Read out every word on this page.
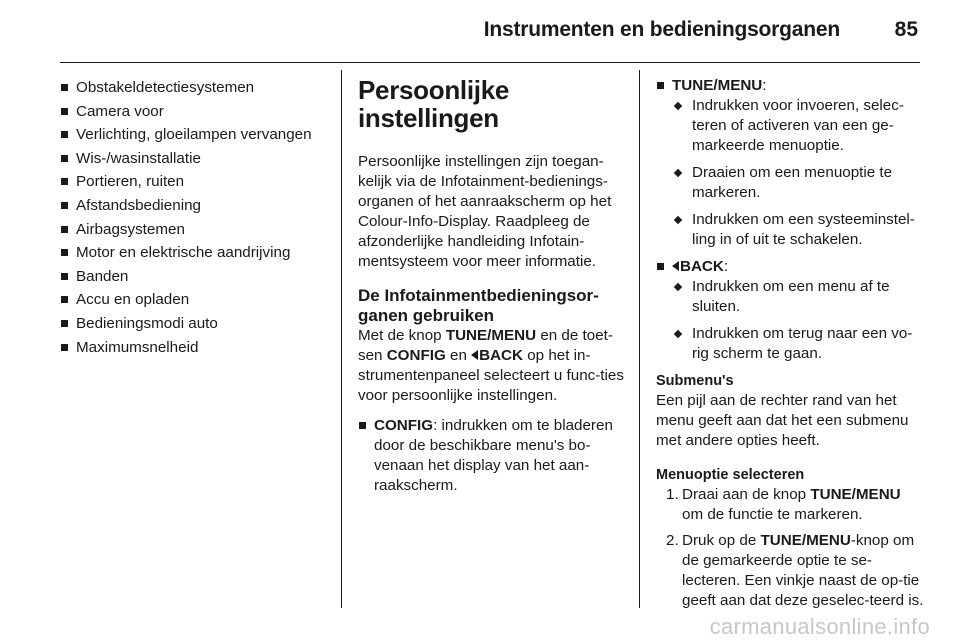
Instrumenten en bedieningsorganen	85
Obstakeldetectiesystemen
Camera voor
Verlichting, gloeilampen vervangen
Wis-/wasinstallatie
Portieren, ruiten
Afstandsbediening
Airbagsystemen
Motor en elektrische aandrijving
Banden
Accu en opladen
Bedieningsmodi auto
Maximumsnelheid
Persoonlijke instellingen

Persoonlijke instellingen zijn toegan-kelijk via de Infotainment-bedienings-organen of het aanraakscherm op het Colour-Info-Display. Raadpleeg de afzonderlijke handleiding Infotain-mentsysteem voor meer informatie.

De Infotainmentbedieningsor-ganen gebruiken

Met de knop TUNE/MENU en de toet-sen CONFIG en BACK op het in-strumentenpaneel selecteert u func-ties voor persoonlijke instellingen.

CONFIG: indrukken om te bladeren door de beschikbare menu's bo-venaan het display van het aan-raakscherm.
TUNE/MENU:
Indrukken voor invoeren, selec-teren of activeren van een ge-markeerde menuoptie.
Draaien om een menuoptie te markeren.
Indrukken om een systeeminstel-ling in of uit te schakelen.
BACK:
Indrukken om een menu af te sluiten.
Indrukken om terug naar een vo-rig scherm te gaan.
Submenu's

Een pijl aan de rechter rand van het menu geeft aan dat het een submenu met andere opties heeft.

Menuoptie selecteren
1. Draai aan de knop TUNE/MENU om de functie te markeren.
2. Druk op de TUNE/MENU-knop om de gemarkeerde optie te se-lecteren. Een vinkje naast de op-tie geeft aan dat deze geselec-teerd is.
carmanualsonline.info
